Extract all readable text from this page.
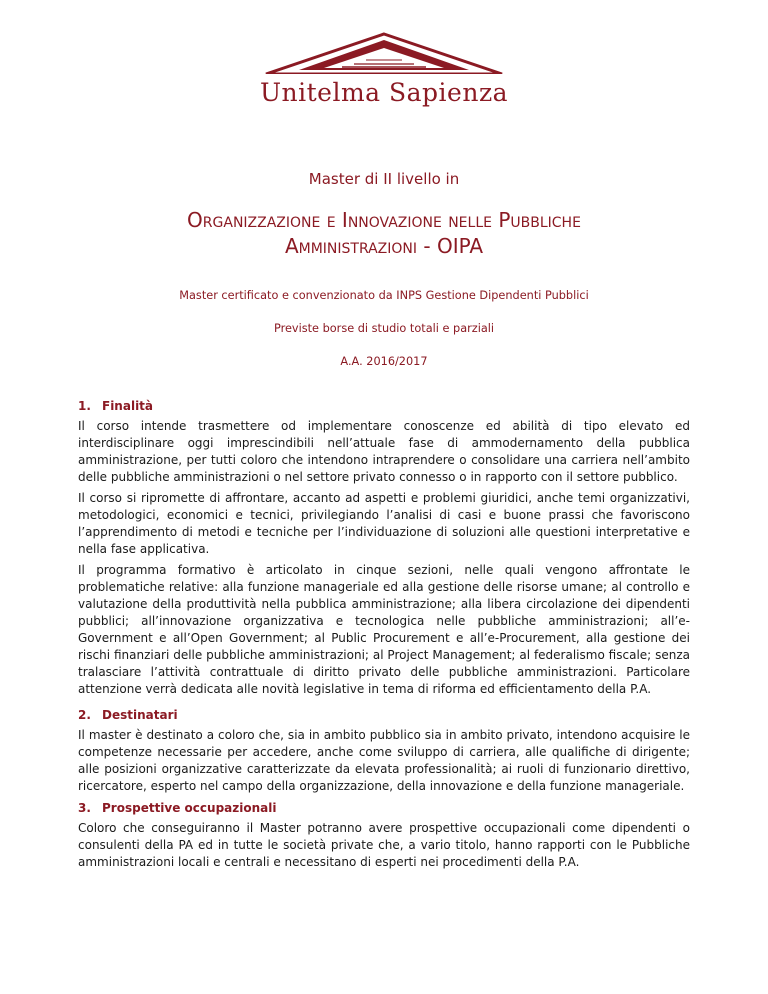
Unitelma Sapienza
Master di II livello in
Organizzazione e Innovazione nelle Pubbliche
Amministrazioni - OIPA
Master certificato e convenzionato da INPS Gestione Dipendenti Pubblici
Previste borse di studio totali e parziali
A.A. 2016/2017
1. Finalità
Il corso intende trasmettere od implementare conoscenze ed abilità di tipo elevato ed interdisciplinare oggi imprescindibili nell’attuale fase di ammodernamento della pubblica amministrazione, per tutti coloro che intendono intraprendere o consolidare una carriera nell’ambito delle pubbliche amministrazioni o nel settore privato connesso o in rapporto con il settore pubblico.
Il corso si ripromette di affrontare, accanto ad aspetti e problemi giuridici, anche temi organizzativi, metodologici, economici e tecnici, privilegiando l’analisi di casi e buone prassi che favoriscono l’apprendimento di metodi e tecniche per l’individuazione di soluzioni alle questioni interpretative e nella fase applicativa.
Il programma formativo è articolato in cinque sezioni, nelle quali vengono affrontate le problematiche relative: alla funzione manageriale ed alla gestione delle risorse umane; al controllo e valutazione della produttività nella pubblica amministrazione; alla libera circolazione dei dipendenti pubblici; all’innovazione organizzativa e tecnologica nelle pubbliche amministrazioni; all’e-Government e all’Open Government; al Public Procurement e all’e-Procurement, alla gestione dei rischi finanziari delle pubbliche amministrazioni; al Project Management; al federalismo fiscale; senza tralasciare l’attività contrattuale di diritto privato delle pubbliche amministrazioni. Particolare attenzione verrà dedicata alle novità legislative in tema di riforma ed efficientamento della P.A.
2. Destinatari
Il master è destinato a coloro che, sia in ambito pubblico sia in ambito privato, intendono acquisire le competenze necessarie per accedere, anche come sviluppo di carriera, alle qualifiche di dirigente; alle posizioni organizzative caratterizzate da elevata professionalità; ai ruoli di funzionario direttivo, ricercatore, esperto nel campo della organizzazione, della innovazione e della funzione manageriale.
3. Prospettive occupazionali
Coloro che conseguiranno il Master potranno avere prospettive occupazionali come dipendenti o consulenti della PA ed in tutte le società private che, a vario titolo, hanno rapporti con le Pubbliche amministrazioni locali e centrali e necessitano di esperti nei procedimenti della P.A.
